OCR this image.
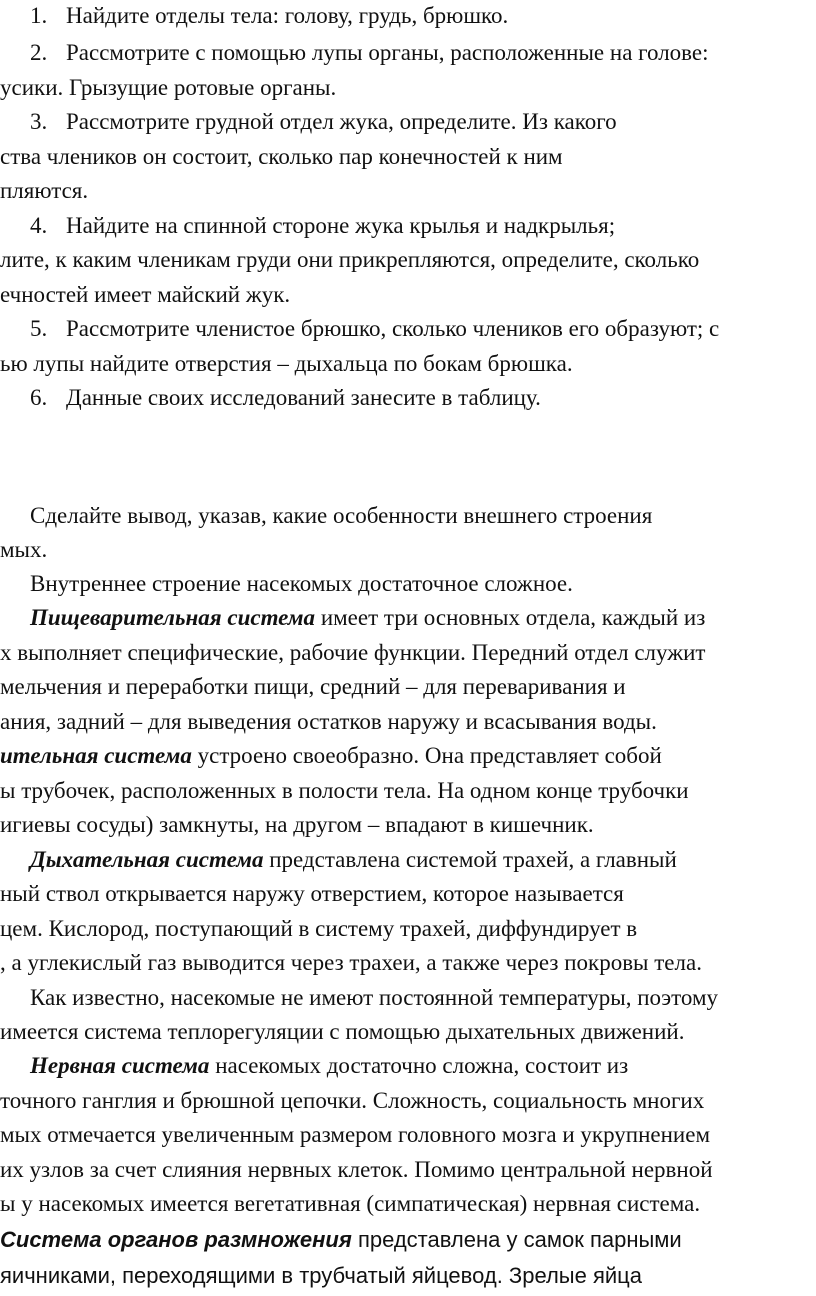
1. Найдите отделы тела: голову, грудь, брюшко.
2. Рассмотрите с помощью лупы органы, расположенные на голове:
усики. Грызущие ротовые органы.
3. Рассмотрите грудной отдел жука, определите. Из какого
ства члеников он состоит, сколько пар конечностей к ним
пляются.
4. Найдите на спинной стороне жука крылья и надкрылья;
лите, к каким членикам груди они прикрепляются, определите, сколько
ечностей имеет майский жук.
5. Рассмотрите членистое брюшко, сколько члеников его образуют; с
ью лупы найдите отверстия – дыхальца по бокам брюшка.
6. Данные своих исследований занесите в таблицу.
Сделайте вывод, указав, какие особенности внешнего строения
мых.
Внутреннее строение насекомых достаточное сложное.
Пищеварительная система имеет три основных отдела, каждый из
х выполняет специфические, рабочие функции. Передний отдел служит
мельчения и переработки пищи, средний – для переваривания и
ания, задний – для выведения остатков наружу и всасывания воды.
ительная система устроено своеобразно. Она представляет собой
ы трубочек, расположенных в полости тела. На одном конце трубочки
игиевы сосуды) замкнуты, на другом – впадают в кишечник.
Дыхательная система представлена системой трахей, а главный
ный ствол открывается наружу отверстием, которое называется
цем. Кислород, поступающий в систему трахей, диффундирует в
, а углекислый газ выводится через трахеи, а также через покровы тела.
Как известно, насекомые не имеют постоянной температуры, поэтому
имеется система теплорегуляции с помощью дыхательных движений.
Нервная система насекомых достаточно сложна, состоит из
точного ганглия и брюшной цепочки. Сложность, социальность многих
мых отмечается увеличенным размером головного мозга и укрупнением
их узлов за счет слияния нервных клеток. Помимо центральной нервной
ы у насекомых имеется вегетативная (симпатическая) нервная система.
Система органов размножения представлена у самок парными
яичниками, переходящими в трубчатый яйцевод. Зрелые яйца
